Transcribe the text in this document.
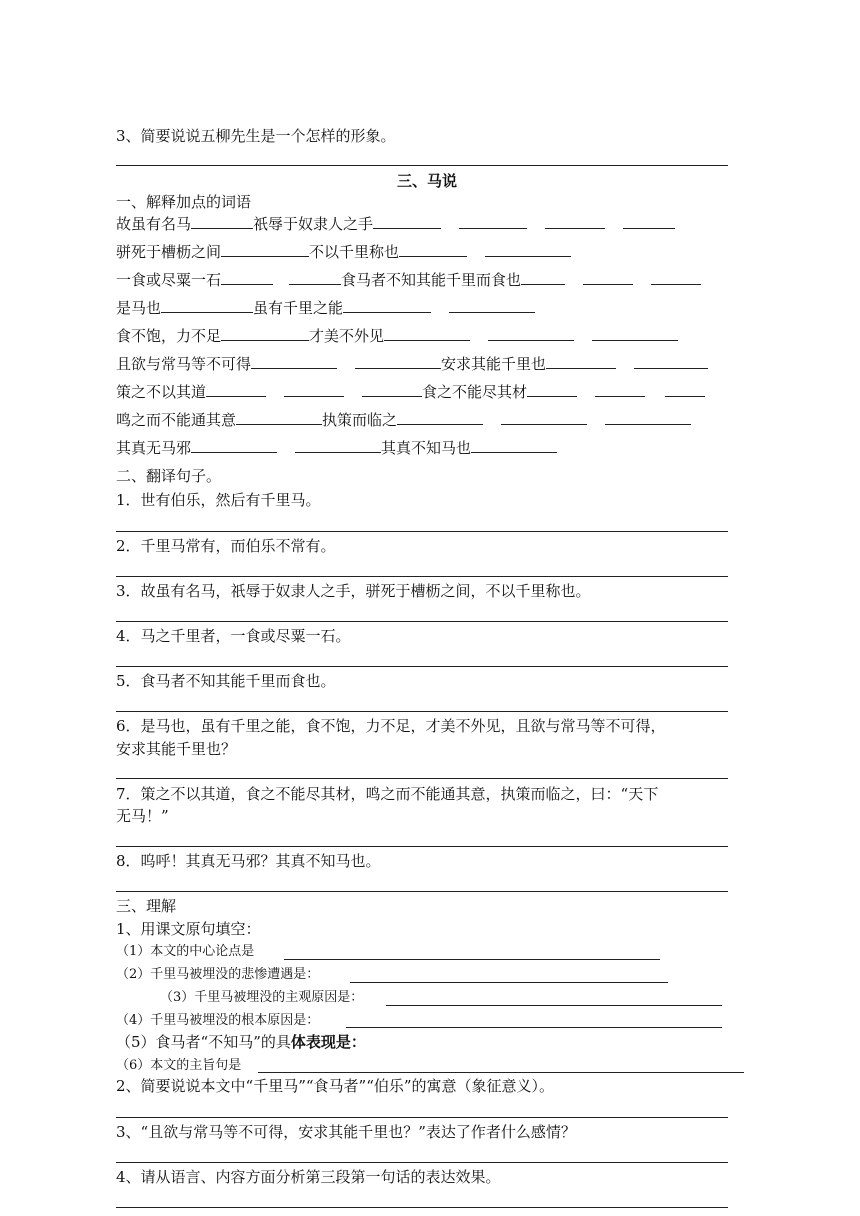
3、简要说说五柳先生是一个怎样的形象。
三、马说
一、解释加点的词语
故虽有名马	祇辱于奴隶人之手
骈死于槽枥之间	不以千里称也
一食或尽粟一石	食马者不知其能千里而食也
是马也	虽有千里之能
食不饱，力不足	才美不外见
且欲与常马等不可得	安求其能千里也
策之不以其道	食之不能尽其材
鸣之而不能通其意	执策而临之
其真无马邪	其真不知马也
二、翻译句子。
1．世有伯乐，然后有千里马。
2．千里马常有，而伯乐不常有。
3．故虽有名马，祇辱于奴隶人之手，骈死于槽枥之间，不以千里称也。
4．马之千里者，一食或尽粟一石。
5．食马者不知其能千里而食也。
6．是马也，虽有千里之能，食不饱，力不足，才美不外见，且欲与常马等不可得，
安求其能千里也？
7．策之不以其道，食之不能尽其材，鸣之而不能通其意，执策而临之，曰：“天下
无马！”
8．呜呼！其真无马邪？其真不知马也。
三、理解
1、用课文原句填空：
（1）本文的中心论点是
（2）千里马被埋没的悲惨遭遇是：
（3）千里马被埋没的主观原因是：
（4）千里马被埋没的根本原因是：
（5）食马者“不知马”的具体表现是：
（6）本文的主旨句是
2、简要说说本文中“千里马”“食马者”“伯乐”的寓意（象征意义）。
3、“且欲与常马等不可得，安求其能千里也？”表达了作者什么感情？
4、请从语言、内容方面分析第三段第一句话的表达效果。
